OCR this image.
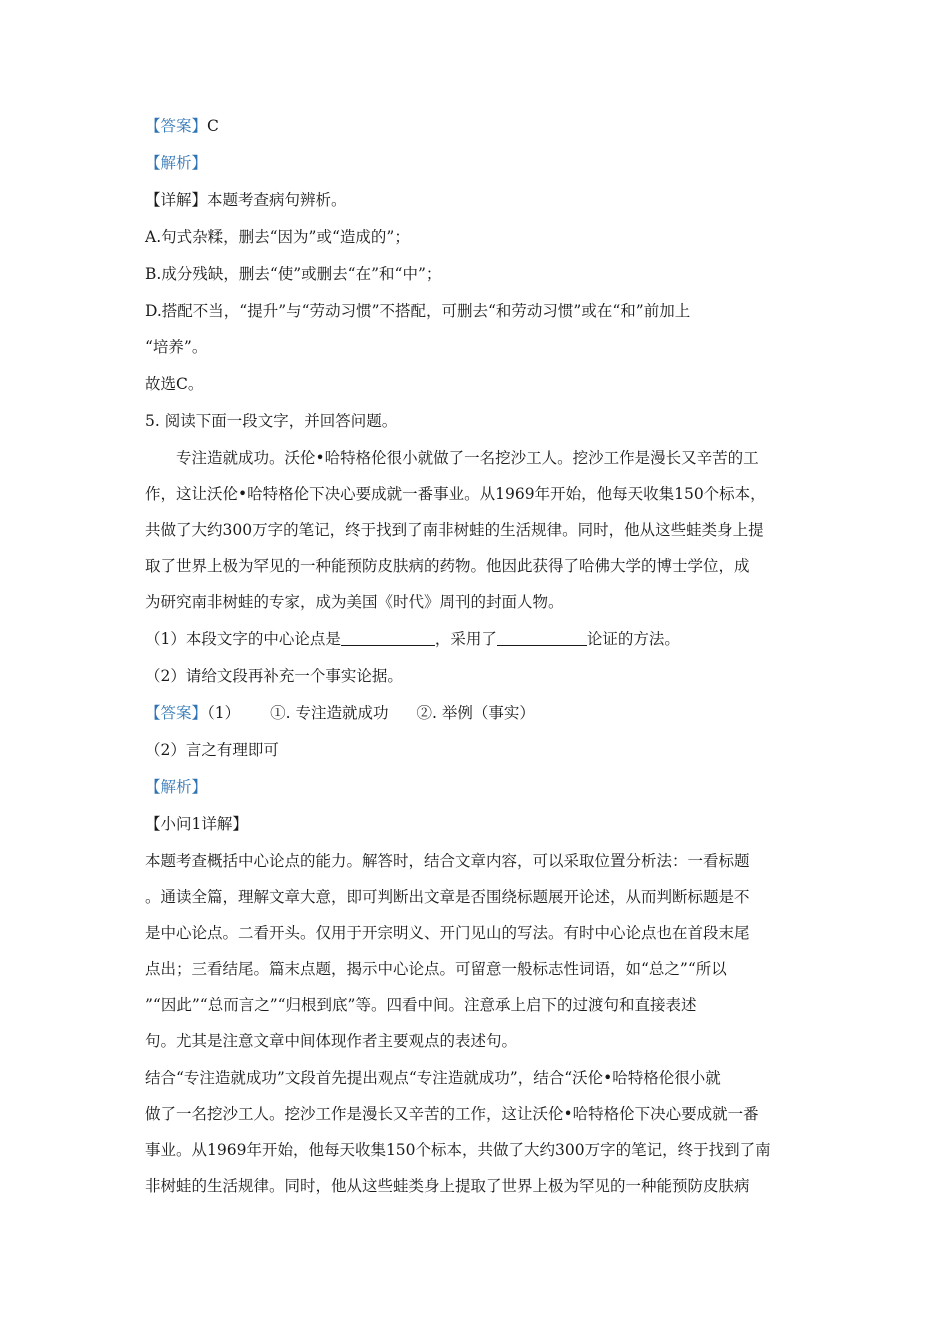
【答案】C

【解析】

【详解】本题考查病句辨析。

A.句式杂糅，删去“因为”或“造成的”；

B.成分残缺，删去“使”或删去“在”和“中”；

D.搭配不当，“提升”与“劳动习惯”不搭配，可删去“和劳动习惯”或在“和”前加上

“培养”。

故选C。

5. 阅读下面一段文字，并回答问题。

专注造就成功。沃伦•哈特格伦很小就做了一名挖沙工人。挖沙工作是漫长又辛苦的工

作，这让沃伦•哈特格伦下决心要成就一番事业。从1969年开始，他每天收集150个标本，

共做了大约300万字的笔记，终于找到了南非树蛙的生活规律。同时，他从这些蛙类身上提

取了世界上极为罕见的一种能预防皮肤病的药物。他因此获得了哈佛大学的博士学位，成

为研究南非树蛙的专家，成为美国《时代》周刊的封面人物。

（1）本段文字的中心论点是	，采用了	论证的方法。

（2）请给文段再补充一个事实论据。

【答案】（1） ①. 专注造就成功 ②. 举例（事实）

（2）言之有理即可

【解析】

【小问1详解】

本题考查概括中心论点的能力。解答时，结合文章内容，可以采取位置分析法：一看标题

。通读全篇，理解文章大意，即可判断出文章是否围绕标题展开论述，从而判断标题是不

是中心论点。二看开头。仅用于开宗明义、开门见山的写法。有时中心论点也在首段末尾

点出；三看结尾。篇末点题，揭示中心论点。可留意一般标志性词语，如“总之”“所以

”“因此”“总而言之”“归根到底”等。四看中间。注意承上启下的过渡句和直接表述

句。尤其是注意文章中间体现作者主要观点的表述句。

结合“专注造就成功”文段首先提出观点“专注造就成功”，结合“沃伦•哈特格伦很小就

做了一名挖沙工人。挖沙工作是漫长又辛苦的工作，这让沃伦•哈特格伦下决心要成就一番

事业。从1969年开始，他每天收集150个标本，共做了大约300万字的笔记，终于找到了南

非树蛙的生活规律。同时，他从这些蛙类身上提取了世界上极为罕见的一种能预防皮肤病
